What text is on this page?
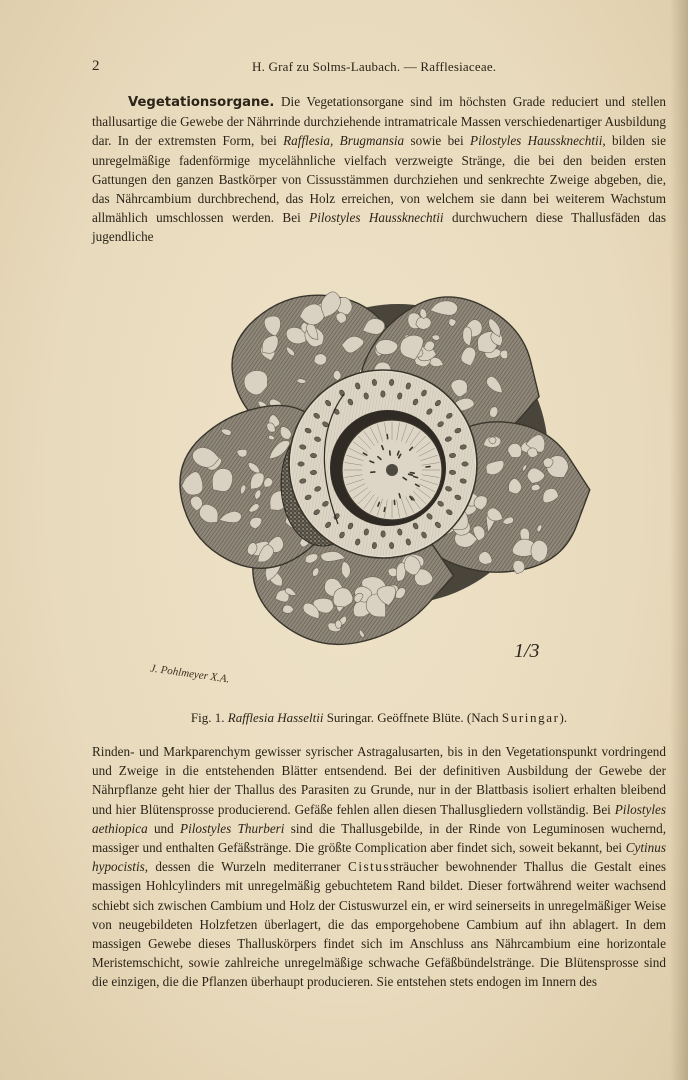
2	H. Graf zu Solms-Laubach. — Rafflesiaceae.

Vegetationsorgane. Die Vegetationsorgane sind im höchsten Grade reduciert und stellen thallusartige die Gewebe der Nährrinde durchziehende intramatricale Massen verschiedenartiger Ausbildung dar. In der extremsten Form, bei Rafflesia, Brugmansia sowie bei Pilostyles Haussknechtii, bilden sie unregelmäßige fadenförmige mycelähnliche vielfach verzweigte Stränge, die bei den beiden ersten Gattungen den ganzen Bastkörper von Cissusstämmen durchziehen und senkrechte Zweige abgeben, die, das Nährcambium durchbrechend, das Holz erreichen, von welchem sie dann bei weiterem Wachstum allmählich umschlossen werden. Bei Pilostyles Haussknechtii durchwuchern diese Thallusfäden das jugendliche

1/3
J. Pohlmeyer X.A.
Fig. 1. Rafflesia Hasseltii Suringar. Geöffnete Blüte. (Nach Suringar).

Rinden- und Markparenchym gewisser syrischer Astragalusarten, bis in den Vegetationspunkt vordringend und Zweige in die entstehenden Blätter entsendend. Bei der definitiven Ausbildung der Gewebe der Nährpflanze geht hier der Thallus des Parasiten zu Grunde, nur in der Blattbasis isoliert erhalten bleibend und hier Blütensprosse producierend. Gefäße fehlen allen diesen Thallusgliedern vollständig. Bei Pilostyles aethiopica und Pilostyles Thurberi sind die Thallusgebilde, in der Rinde von Leguminosen wuchernd, massiger und enthalten Gefäßstränge. Die größte Complication aber findet sich, soweit bekannt, bei Cytinus hypocistis, dessen die Wurzeln mediterraner Cistussträucher bewohnender Thallus die Gestalt eines massigen Hohlcylinders mit unregelmäßig gebuchtetem Rand bildet. Dieser fortwährend weiter wachsend schiebt sich zwischen Cambium und Holz der Cistuswurzel ein, er wird seinerseits in unregelmäßiger Weise von neugebildeten Holzfetzen überlagert, die das emporgehobene Cambium auf ihn ablagert. In dem massigen Gewebe dieses Thalluskörpers findet sich im Anschluss ans Nährcambium eine horizontale Meristemschicht, sowie zahlreiche unregelmäßige schwache Gefäßbündelstränge. Die Blütensprosse sind die einzigen, die die Pflanzen überhaupt producieren. Sie entstehen stets endogen im Innern des
